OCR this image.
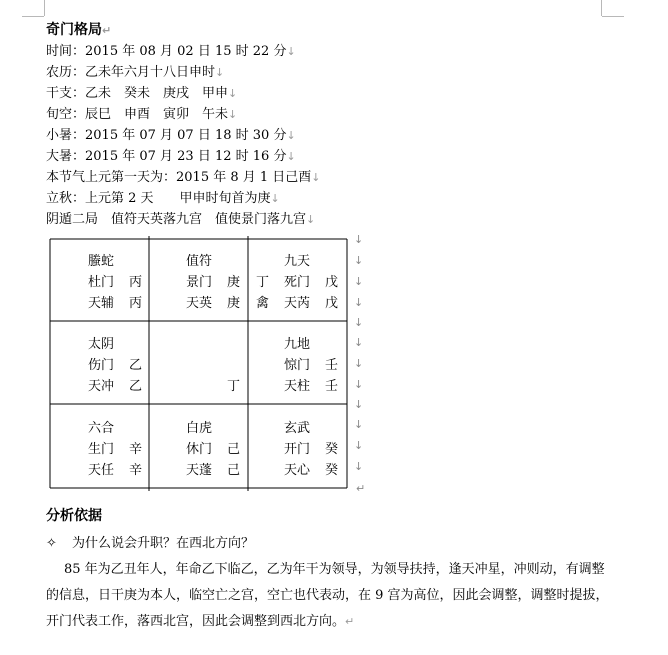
奇门格局↵
时间：2015 年 08 月 02 日 15 时 22 分↓
农历：乙未年六月十八日申时↓
干支：乙未　癸未　庚戌　甲申↓
旬空：辰巳　申酉　寅卯　午未↓
小暑：2015 年 07 月 07 日 18 时 30 分↓
大暑：2015 年 07 月 23 日 12 时 16 分↓
本节气上元第一天为：2015 年 8 月 1 日己酉↓
立秋：上元第 2 天　　甲申时旬首为庚↓
阴遁二局　值符天英落九宫　值使景门落九宫↓
↓
↓
↓
↓
↓
↓
↓
↓
↓
↓
↓
↓
↵
螣蛇
杜门 丙
天辅 丙
值符
景门 庚
天英 庚
九天
死门 戊
天芮 戊
太阴
伤门 乙
天冲 乙	丁
九地
惊门 壬
天柱 壬
六合
生门 辛
天任 辛
白虎
休门 己
天蓬 己
玄武
开门 癸
天心 癸
丁
禽
分析依据
✧ 为什么说会升职？在西北方向？

85 年为乙丑年人，年命乙下临乙，乙为年干为领导，为领导扶持，逢天冲星，冲则动，有调整的信息，日干庚为本人，临空亡之宫，空亡也代表动，在 9 宫为高位，因此会调整，调整时提拔，开门代表工作，落西北宫，因此会调整到西北方向。↵
